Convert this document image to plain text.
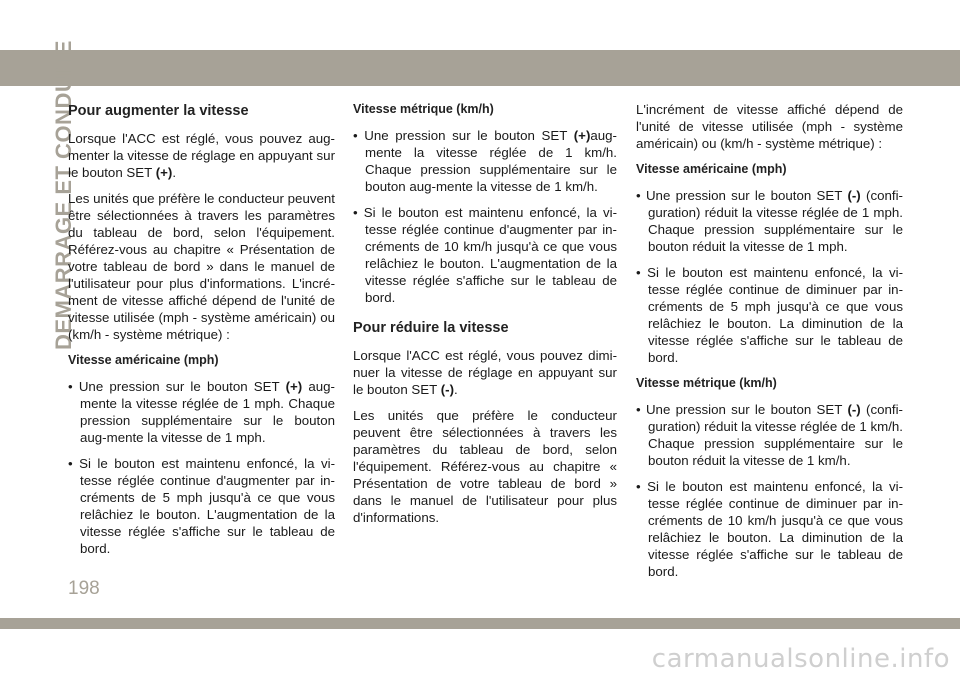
DEMARRAGE ET CONDUITE
Pour augmenter la vitesse

Lorsque l'ACC est réglé, vous pouvez aug-menter la vitesse de réglage en appuyant sur le bouton SET (+).

Les unités que préfère le conducteur peuvent être sélectionnées à travers les paramètres du tableau de bord, selon l'équipement. Référez-vous au chapitre « Présentation de votre tableau de bord » dans le manuel de l'utilisateur pour plus d'informations. L'incré-ment de vitesse affiché dépend de l'unité de vitesse utilisée (mph - système américain) ou (km/h - système métrique) :

Vitesse américaine (mph)
• Une pression sur le bouton SET (+) aug-mente la vitesse réglée de 1 mph. Chaque pression supplémentaire sur le bouton aug-mente la vitesse de 1 mph.
• Si le bouton est maintenu enfoncé, la vi-tesse réglée continue d'augmenter par in-créments de 5 mph jusqu'à ce que vous relâchiez le bouton. L'augmentation de la vitesse réglée s'affiche sur le tableau de bord.
Vitesse métrique (km/h)
• Une pression sur le bouton SET (+)aug-mente la vitesse réglée de 1 km/h. Chaque pression supplémentaire sur le bouton aug-mente la vitesse de 1 km/h.
• Si le bouton est maintenu enfoncé, la vi-tesse réglée continue d'augmenter par in-créments de 10 km/h jusqu'à ce que vous relâchiez le bouton. L'augmentation de la vitesse réglée s'affiche sur le tableau de bord.
Pour réduire la vitesse

Lorsque l'ACC est réglé, vous pouvez dimi-nuer la vitesse de réglage en appuyant sur le bouton SET (-).

Les unités que préfère le conducteur peuvent être sélectionnées à travers les paramètres du tableau de bord, selon l'équipement. Référez-vous au chapitre « Présentation de votre tableau de bord » dans le manuel de l'utilisateur pour plus d'informations.

L'incrément de vitesse affiché dépend de l'unité de vitesse utilisée (mph - système américain) ou (km/h - système métrique) :

Vitesse américaine (mph)
• Une pression sur le bouton SET (-) (confi-guration) réduit la vitesse réglée de 1 mph. Chaque pression supplémentaire sur le bouton réduit la vitesse de 1 mph.
• Si le bouton est maintenu enfoncé, la vi-tesse réglée continue de diminuer par in-créments de 5 mph jusqu'à ce que vous relâchiez le bouton. La diminution de la vitesse réglée s'affiche sur le tableau de bord.
Vitesse métrique (km/h)
• Une pression sur le bouton SET (-) (confi-guration) réduit la vitesse réglée de 1 km/h. Chaque pression supplémentaire sur le bouton réduit la vitesse de 1 km/h.
• Si le bouton est maintenu enfoncé, la vi-tesse réglée continue de diminuer par in-créments de 10 km/h jusqu'à ce que vous relâchiez le bouton. La diminution de la vitesse réglée s'affiche sur le tableau de bord.
198
carmanualsonline.info
